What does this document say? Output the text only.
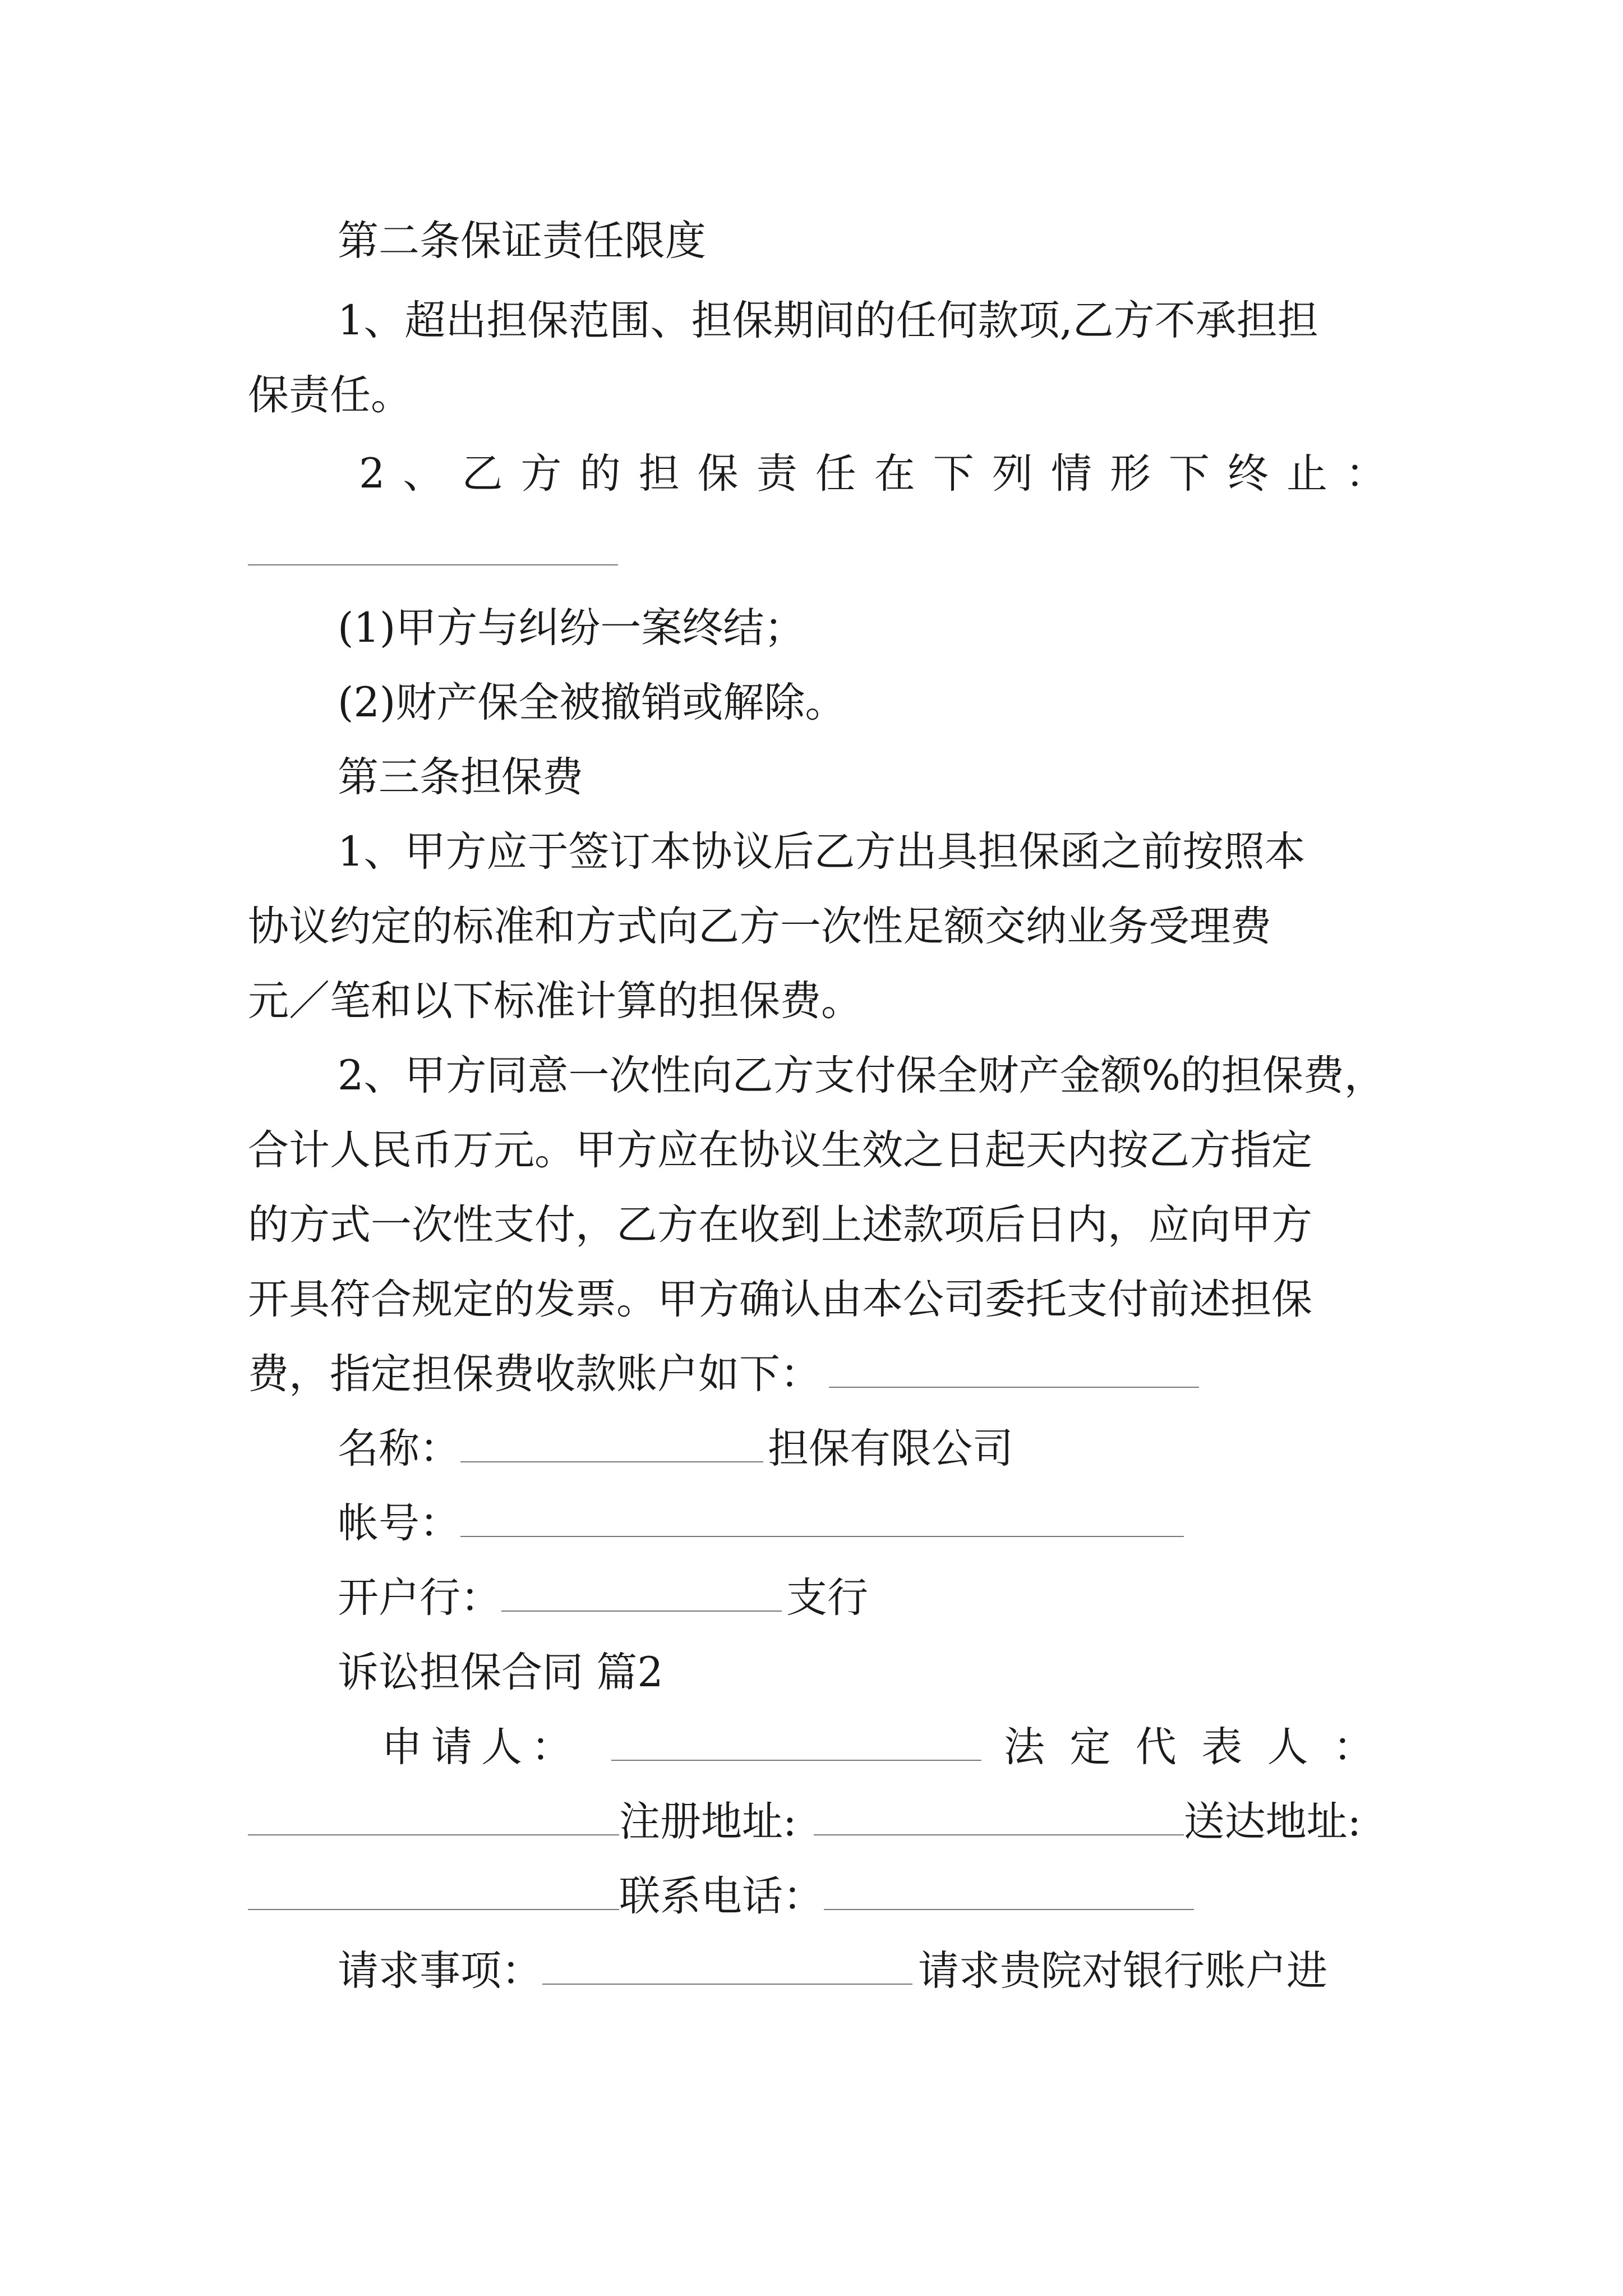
第二条保证责任限度
1、超出担保范围、担保期间的任何款项,乙方不承担担
保责任。
2 、 乙 方 的 担 保 责 任 在 下 列 情 形 下 终 止 ：
(1)甲方与纠纷一案终结；
(2)财产保全被撤销或解除。
第三条担保费
1、甲方应于签订本协议后乙方出具担保函之前按照本
协议约定的标准和方式向乙方一次性足额交纳业务受理费
元／笔和以下标准计算的担保费。
2、甲方同意一次性向乙方支付保全财产金额%的担保费，
合计人民币万元。甲方应在协议生效之日起天内按乙方指定
的方式一次性支付，乙方在收到上述款项后日内，应向甲方
开具符合规定的发票。甲方确认由本公司委托支付前述担保
费，指定担保费收款账户如下：
名称：	担保有限公司
帐号：
开户行：	支行
诉讼担保合同 篇2
申 请 人 ：	法 定 代 表 人 ：
注册地址:	送达地址:
联系电话：
请求事项：	请求贵院对银行账户进
